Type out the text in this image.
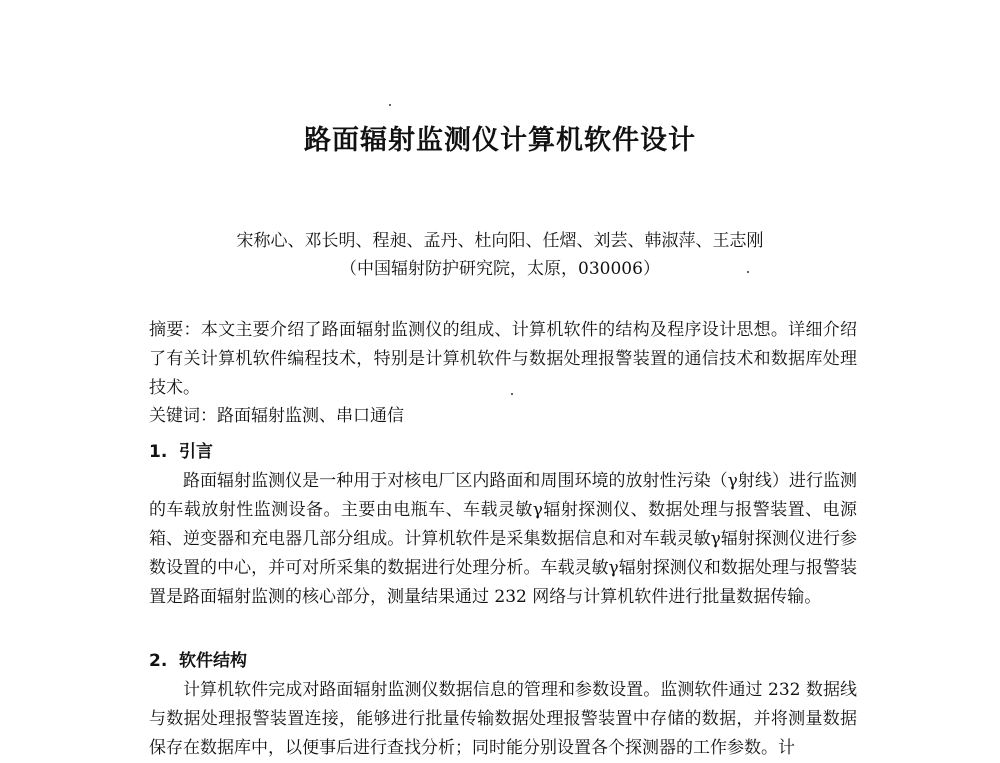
路面辐射监测仪计算机软件设计
宋称心、邓长明、程昶、孟丹、杜向阳、任熠、刘芸、韩淑萍、王志刚
（中国辐射防护研究院，太原，030006）
摘要：本文主要介绍了路面辐射监测仪的组成、计算机软件的结构及程序设计思想。详细介绍了有关计算机软件编程技术，特别是计算机软件与数据处理报警装置的通信技术和数据库处理技术。
关键词：路面辐射监测、串口通信
1. 引言
路面辐射监测仪是一种用于对核电厂区内路面和周围环境的放射性污染（γ射线）进行监测的车载放射性监测设备。主要由电瓶车、车载灵敏γ辐射探测仪、数据处理与报警装置、电源箱、逆变器和充电器几部分组成。计算机软件是采集数据信息和对车载灵敏γ辐射探测仪进行参数设置的中心，并可对所采集的数据进行处理分析。车载灵敏γ辐射探测仪和数据处理与报警装置是路面辐射监测的核心部分，测量结果通过 232 网络与计算机软件进行批量数据传输。
2. 软件结构
计算机软件完成对路面辐射监测仪数据信息的管理和参数设置。监测软件通过 232 数据线与数据处理报警装置连接，能够进行批量传输数据处理报警装置中存储的数据，并将测量数据保存在数据库中，以便事后进行查找分析；同时能分别设置各个探测器的工作参数。计
